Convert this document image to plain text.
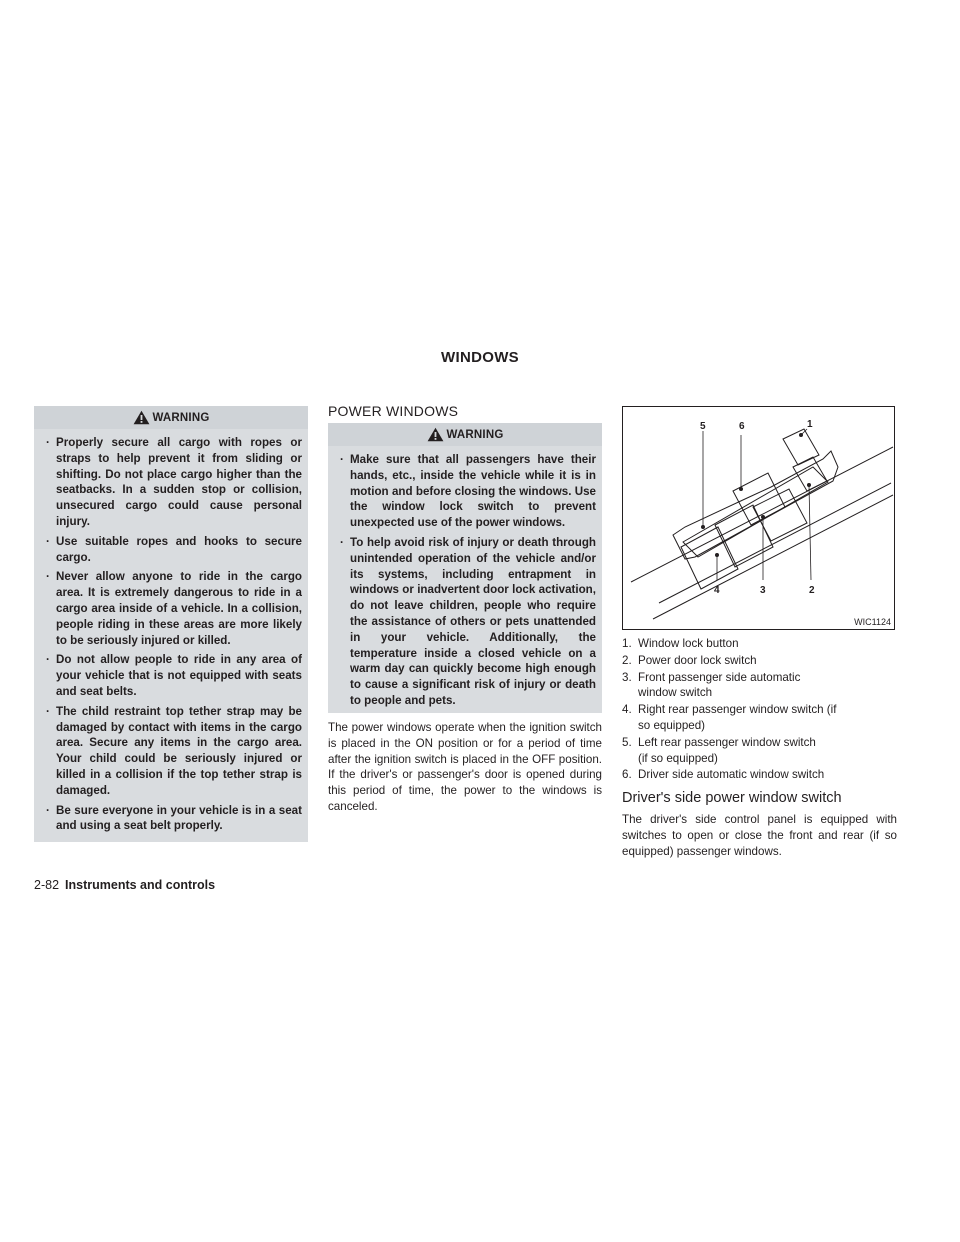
WINDOWS
WARNING
· Properly secure all cargo with ropes or straps to help prevent it from sliding or shifting. Do not place cargo higher than the seatbacks. In a sudden stop or collision, unsecured cargo could cause personal injury.
· Use suitable ropes and hooks to secure cargo.
· Never allow anyone to ride in the cargo area. It is extremely dangerous to ride in a cargo area inside of a vehicle. In a collision, people riding in these areas are more likely to be seriously injured or killed.
· Do not allow people to ride in any area of your vehicle that is not equipped with seats and seat belts.
· The child restraint top tether strap may be damaged by contact with items in the cargo area. Secure any items in the cargo area. Your child could be seriously injured or killed in a collision if the top tether strap is damaged.
· Be sure everyone in your vehicle is in a seat and using a seat belt properly.
POWER WINDOWS
WARNING
· Make sure that all passengers have their hands, etc., inside the vehicle while it is in motion and before closing the windows. Use the window lock switch to prevent unexpected use of the power windows.
· To help avoid risk of injury or death through unintended operation of the vehicle and/or its systems, including entrapment in windows or inadvertent door lock activation, do not leave children, people who require the assistance of others or pets unattended in your vehicle. Additionally, the temperature inside a closed vehicle on a warm day can quickly become high enough to cause a significant risk of injury or death to people and pets.
The power windows operate when the ignition switch is placed in the ON position or for a period of time after the ignition switch is placed in the OFF position. If the driver's or passenger's door is opened during this period of time, the power to the windows is canceled.
1
2
3
4
5	6
WIC1124
1. Window lock button
2. Power door lock switch
3. Front passenger side automatic window switch
4. Right rear passenger window switch (if so equipped)
5. Left rear passenger window switch (if so equipped)
6. Driver side automatic window switch
Driver's side power window switch
The driver's side control panel is equipped with switches to open or close the front and rear (if so equipped) passenger windows.
2-82 Instruments and controls
